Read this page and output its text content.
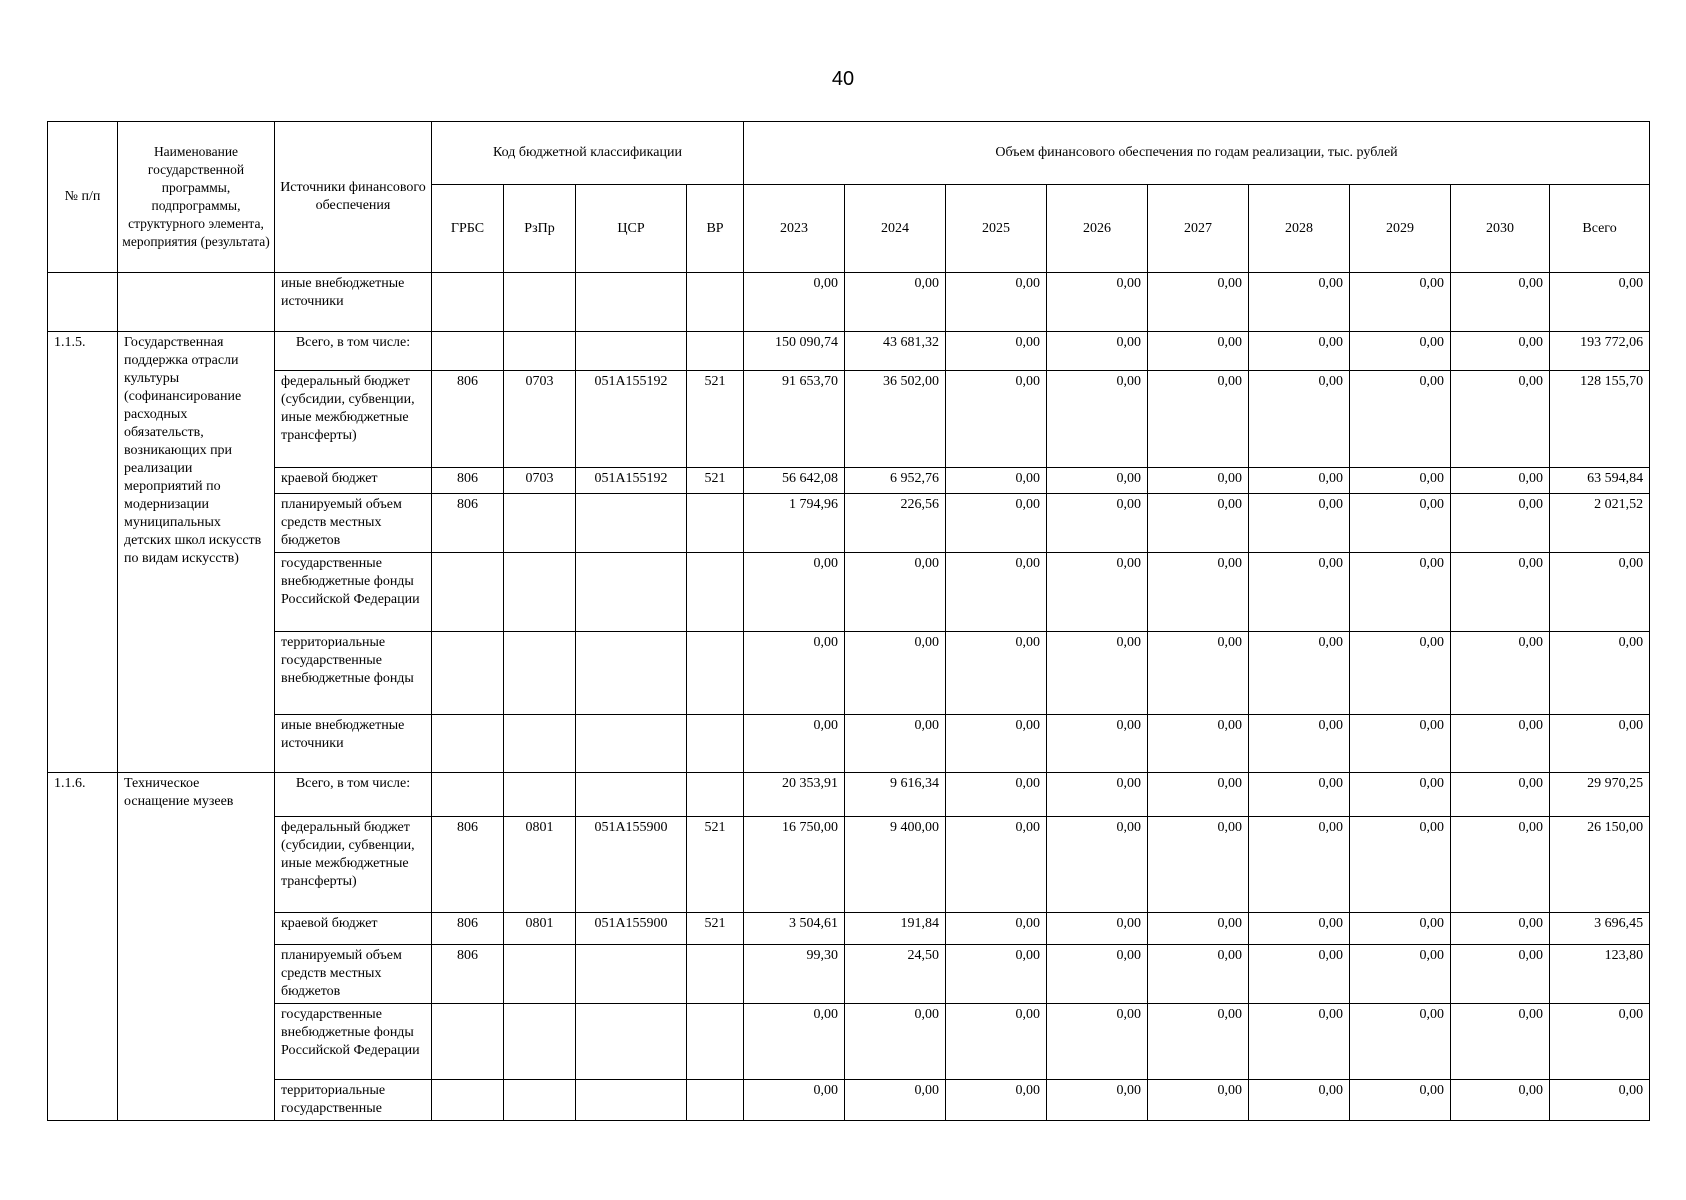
40
№ п/п	Наименование государственной программы, подпрограммы, структурного элемента, мероприятия (результата)	Источники финансового обеспечения	Код бюджетной классификации				Объем финансового обеспечения по годам реализации, тыс. рублей								
			ГРБС	РзПр	ЦСР	ВР	2023	2024	2025	2026	2027	2028	2029	2030	Всего
		иные внебюджетные источники					0,00	0,00	0,00	0,00	0,00	0,00	0,00	0,00	0,00
1.1.5.	Государственная поддержка отрасли культуры (софинансирование расходных обязательств, возникающих при реализации мероприятий по модернизации муниципальных детских школ искусств по видам искусств)	Всего, в том числе:					150 090,74	43 681,32	0,00	0,00	0,00	0,00	0,00	0,00	193 772,06
		федеральный бюджет (субсидии, субвенции, иные межбюджетные трансферты)	806	0703	051А155192	521	91 653,70	36 502,00	0,00	0,00	0,00	0,00	0,00	0,00	128 155,70
		краевой бюджет	806	0703	051А155192	521	56 642,08	6 952,76	0,00	0,00	0,00	0,00	0,00	0,00	63 594,84
		планируемый объем средств местных бюджетов	806				1 794,96	226,56	0,00	0,00	0,00	0,00	0,00	0,00	2 021,52
		государственные внебюджетные фонды Российской Федерации					0,00	0,00	0,00	0,00	0,00	0,00	0,00	0,00	0,00
		территориальные государственные внебюджетные фонды					0,00	0,00	0,00	0,00	0,00	0,00	0,00	0,00	0,00
		иные внебюджетные источники					0,00	0,00	0,00	0,00	0,00	0,00	0,00	0,00	0,00
1.1.6.	Техническое оснащение музеев	Всего, в том числе:					20 353,91	9 616,34	0,00	0,00	0,00	0,00	0,00	0,00	29 970,25
		федеральный бюджет (субсидии, субвенции, иные межбюджетные трансферты)	806	0801	051А155900	521	16 750,00	9 400,00	0,00	0,00	0,00	0,00	0,00	0,00	26 150,00
		краевой бюджет	806	0801	051А155900	521	3 504,61	191,84	0,00	0,00	0,00	0,00	0,00	0,00	3 696,45
		планируемый объем средств местных бюджетов	806				99,30	24,50	0,00	0,00	0,00	0,00	0,00	0,00	123,80
		государственные внебюджетные фонды Российской Федерации					0,00	0,00	0,00	0,00	0,00	0,00	0,00	0,00	0,00
		территориальные государственные					0,00	0,00	0,00	0,00	0,00	0,00	0,00	0,00	0,00
